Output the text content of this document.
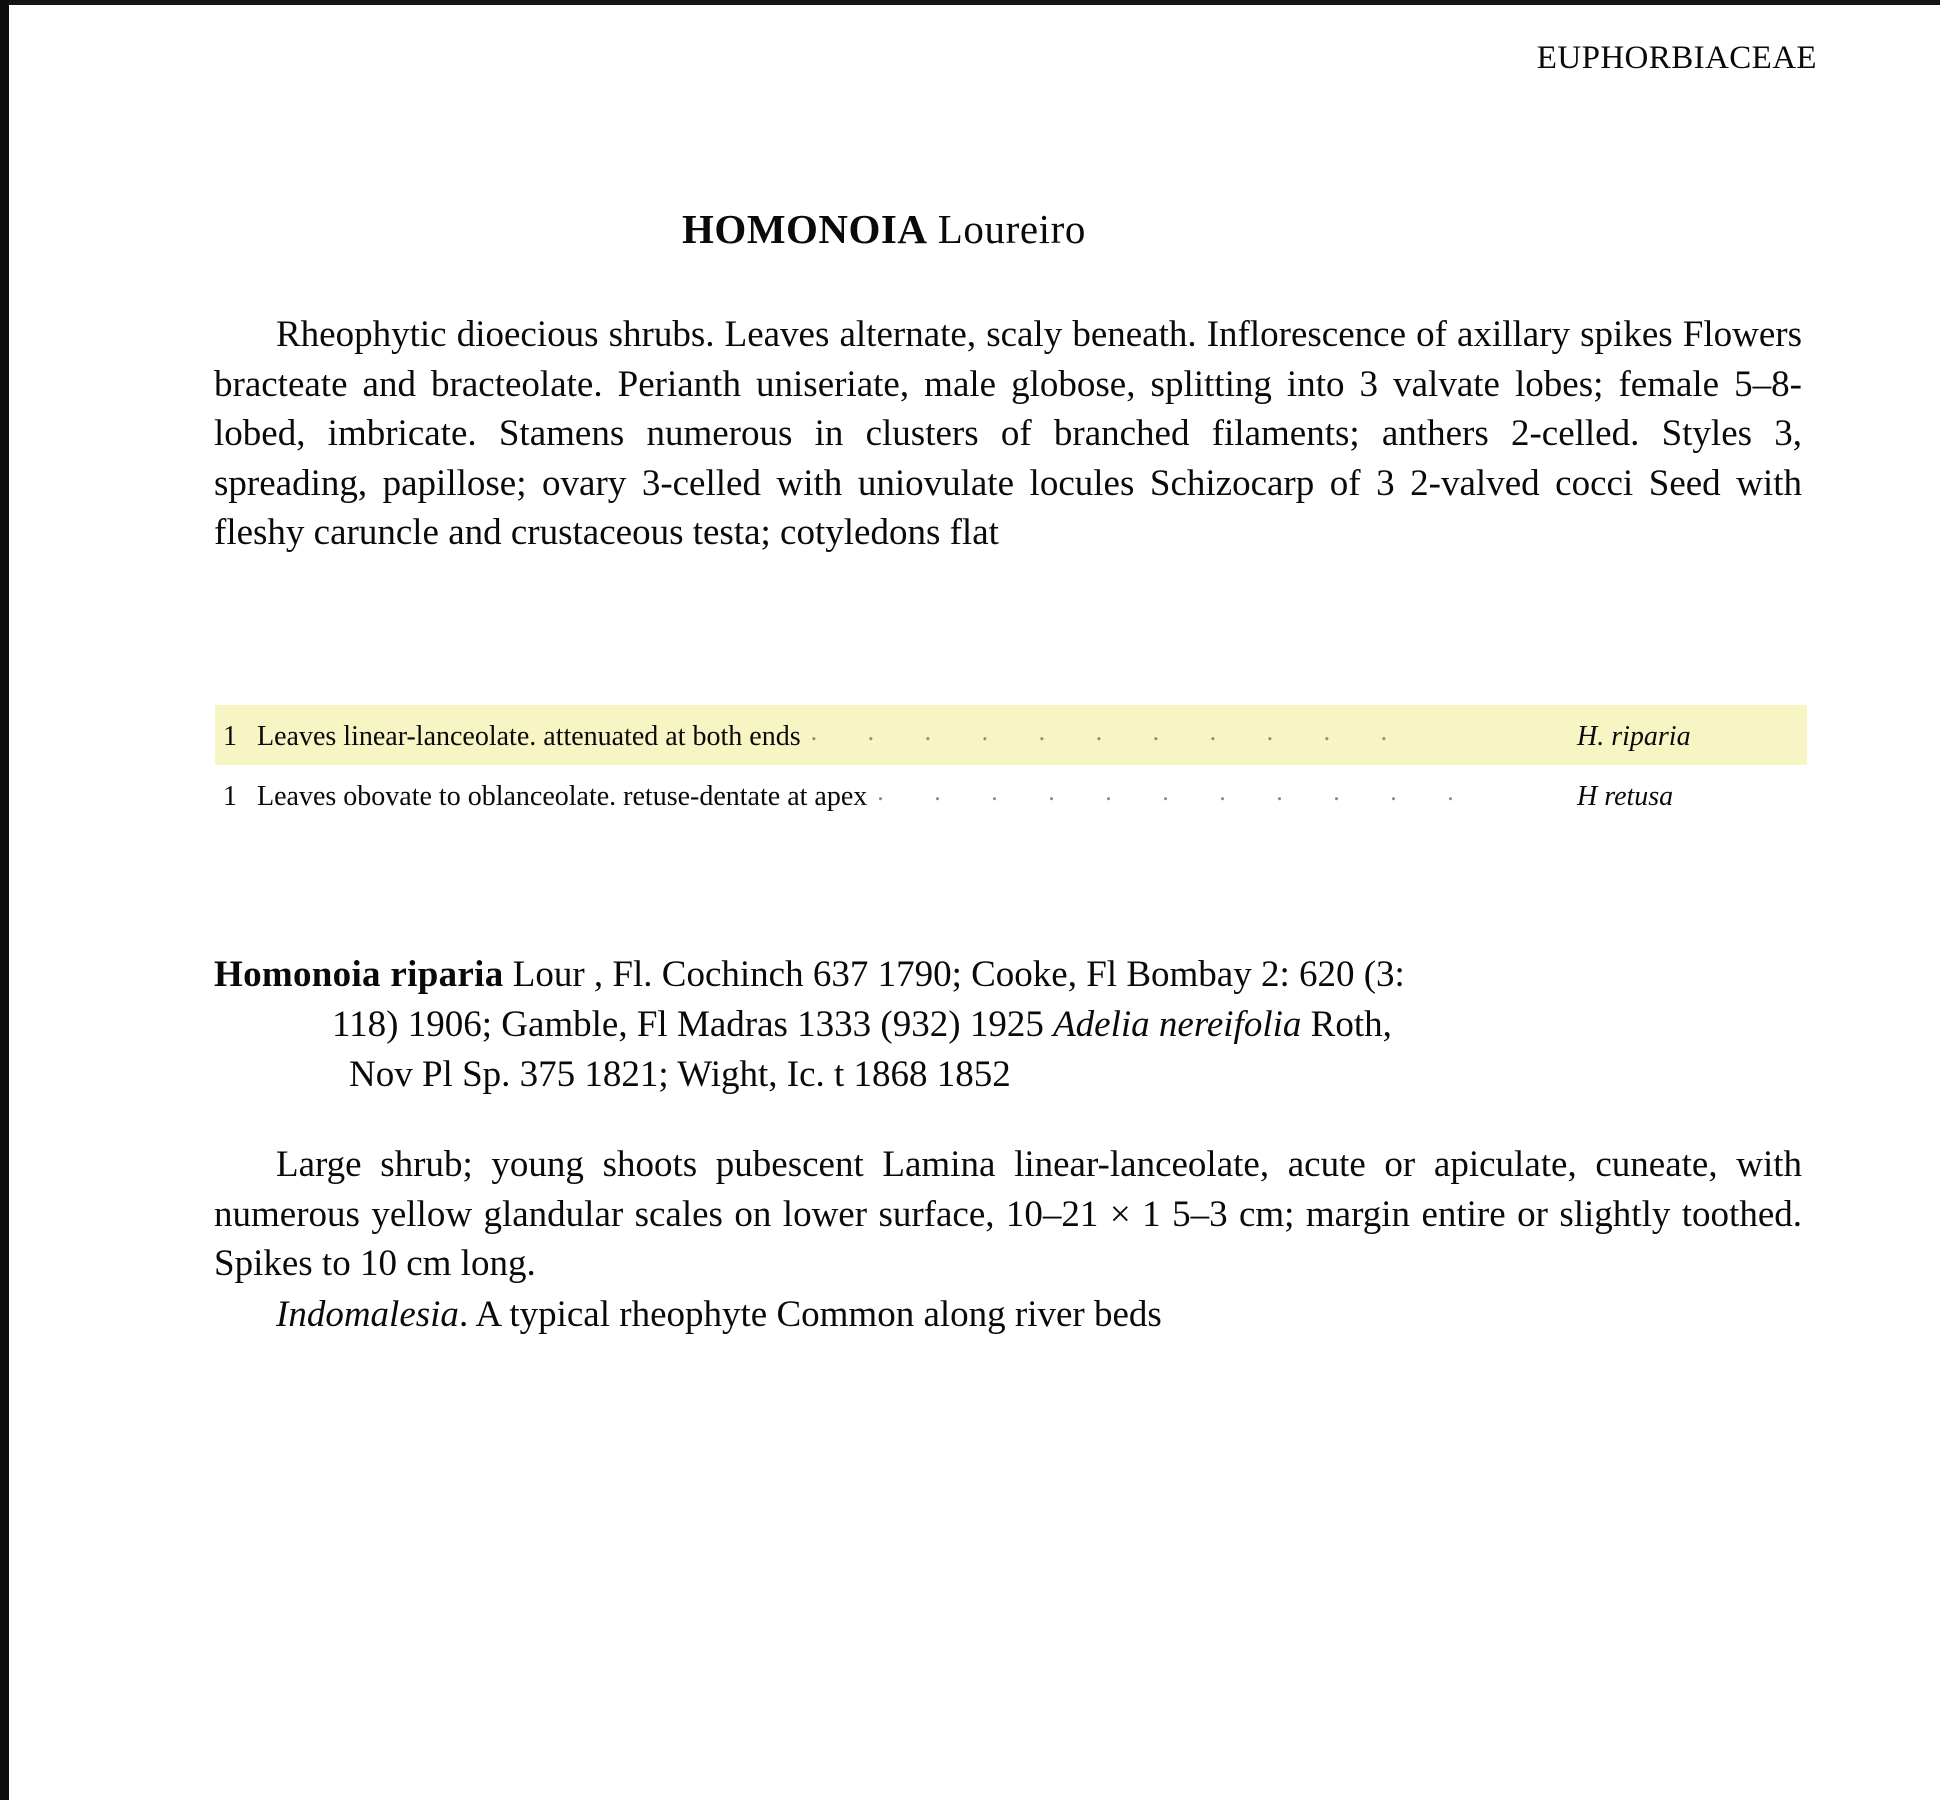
EUPHORBIACEAE
HOMONOIA Loureiro
Rheophytic dioecious shrubs. Leaves alternate, scaly beneath. Inflorescence of axillary spikes Flowers bracteate and bracteolate. Perianth uniseriate, male globose, splitting into 3 valvate lobes; female 5–8-lobed, imbricate. Stamens numerous in clusters of branched filaments; anthers 2-celled. Styles 3, spreading, papillose; ovary 3-celled with uniovulate locules Schizocarp of 3 2-valved cocci Seed with fleshy caruncle and crustaceous testa; cotyledons flat
1 Leaves linear-lanceolate. attenuated at both ends .	H. riparia
1 Leaves obovate to oblanceolate. retuse-dentate at apex .	H retusa
Homonoia riparia Lour , Fl. Cochinch 637 1790; Cooke, Fl Bombay 2: 620 (3:
118) 1906; Gamble, Fl Madras 1333 (932) 1925 Adelia nereifolia Roth,
Nov Pl Sp. 375 1821; Wight, Ic. t 1868 1852
Large shrub; young shoots pubescent Lamina linear-lanceolate, acute or apiculate, cuneate, with numerous yellow glandular scales on lower surface, 10–21 × 1 5–3 cm; margin entire or slightly toothed. Spikes to 10 cm long.
Indomalesia. A typical rheophyte Common along river beds
